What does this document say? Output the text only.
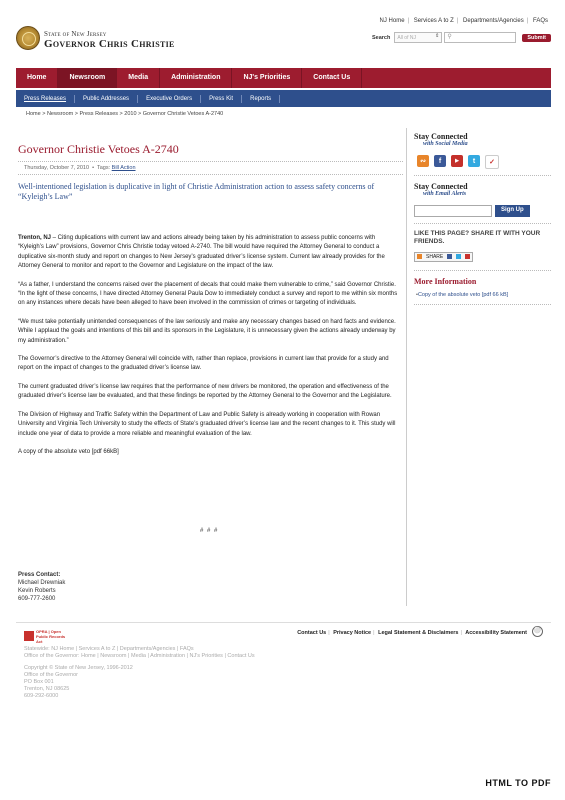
NJ Home | Services A to Z | Departments/Agencies | FAQs
State of New Jersey
Governor Chris Christie
Search All of NJ	⇕ ⚲	Submit
Home	Newsroom	Media	Administration	NJ's Priorities	Contact Us
Press Releases	Public Addresses	Executive Orders	Press Kit	Reports
Home > Newsroom > Press Releases > 2010 > Governor Christie Vetoes A-2740
Governor Christie Vetoes A-2740
Thursday, October 7, 2010  •  Tags: Bill Action
Well-intentioned legislation is duplicative in light of Christie Administration action to assess safety concerns of “Kyleigh’s Law”

Trenton, NJ – Citing duplications with current law and actions already being taken by his administration to assess public concerns with “Kyleigh’s Law” provisions, Governor Chris Christie today vetoed A-2740. The bill would have required the Attorney General to conduct a duplicative six-month study and report on changes to New Jersey’s graduated driver’s license system. Current law already provides for the Attorney General to monitor and report to the Governor and Legislature on the impact of the law.

“As a father, I understand the concerns raised over the placement of decals that could make them vulnerable to crime,” said Governor Christie. “In the light of these concerns, I have directed Attorney General Paula Dow to immediately conduct a survey and report to me within six months on any instances where decals have been alleged to have been involved in the commission of crimes or targeting of individuals.

“We must take potentially unintended consequences of the law seriously and make any necessary changes based on hard facts and evidence. While I applaud the goals and intentions of this bill and its sponsors in the Legislature, it is unnecessary given the actions already underway by my administration.”

The Governor’s directive to the Attorney General will coincide with, rather than replace, provisions in current law that provide for a study and report on the impact of changes to the graduated driver’s license law.

The current graduated driver’s license law requires that the performance of new drivers be monitored, the operation and effectiveness of the graduated driver’s license law be evaluated, and that these findings be reported by the Attorney General to the Governor and the Legislature.

The Division of Highway and Traffic Safety within the Department of Law and Public Safety is already working in cooperation with Rowan University and Virginia Tech University to study the effects of State’s graduated driver’s license law and the recent changes to it. This study will include one year of data to provide a more reliable and meaningful evaluation of the law.

A copy of the absolute veto [pdf 66kB]

# # #
Press Contact:
Michael Drewniak
Kevin Roberts
609-777-2600
Stay Connected
with Social Media
∾	f	▶	t	✓
Stay Connected
with Email Alerts
Sign Up
LIKE THIS PAGE? SHARE IT WITH YOUR FRIENDS.
SHARE
More Information
• Copy of the absolute veto [pdf 66 kB]
OPRA | Open Public Records Act
Contact Us | Privacy Notice | Legal Statement & Disclaimers | Accessibility Statement ⚪
Statewide: NJ Home | Services A to Z | Departments/Agencies | FAQs
Office of the Governor: Home | Newsroom | Media | Administration | NJ's Priorities | Contact Us
Copyright © State of New Jersey, 1996-2012
Office of the Governor
PO Box 001
Trenton, NJ 08625
609-292-6000
HTML TO PDF
